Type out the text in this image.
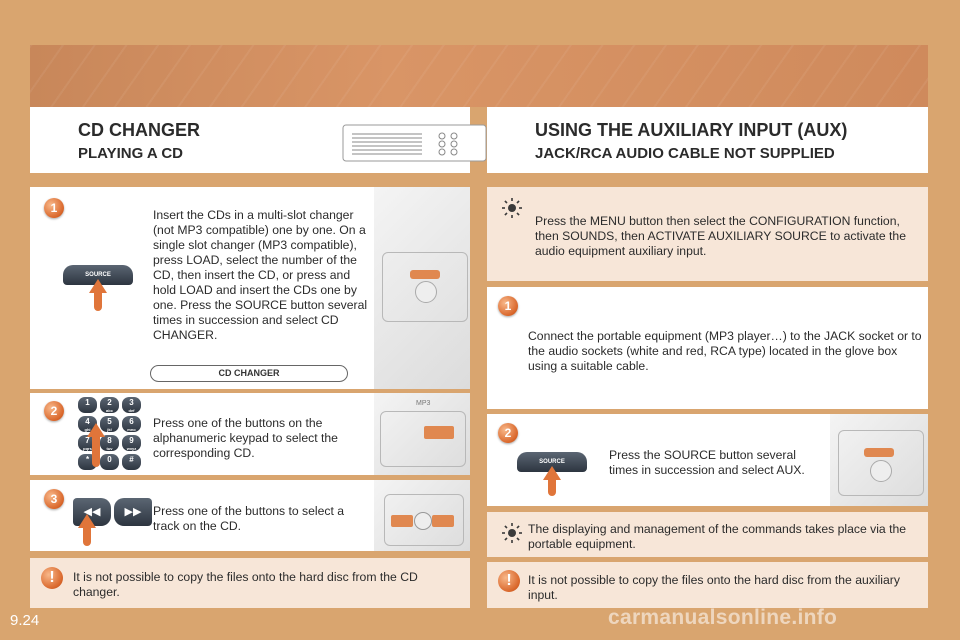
CD CHANGER
PLAYING A CD
USING THE AUXILIARY INPUT (AUX)
JACK/RCA AUDIO CABLE NOT SUPPLIED
1
SOURCE
Insert the CDs in a multi-slot changer (not MP3 compatible) one by one. On a single slot changer (MP3 compatible), press LOAD, select the number of the CD, then insert the CD, or press and hold LOAD and insert the CDs one by one. Press the SOURCE button several times in succession and select CD CHANGER.
CD CHANGER
2
1	2
abc
3
def
4
ghi
5
jkl
6
mno
7
pqrs
8
tuv
9
wxyz
*	0	#
Press one of the buttons on the alphanumeric keypad to select the corresponding CD.
MP3
3
◀◀	▶▶ Press one of the buttons to select a track on the CD.
!	It is not possible to copy the files onto the hard disc from the CD changer.
Press the MENU button then select the CONFIGURATION function, then SOUNDS, then ACTIVATE AUXILIARY SOURCE to activate the audio equipment auxiliary input.
1
Connect the portable equipment (MP3 player…) to the JACK socket or to the audio sockets (white and red, RCA type) located in the glove box using a suitable cable.
2
SOURCE	Press the SOURCE button several times in succession and select AUX.
The displaying and management of the commands takes place via the portable equipment.
!	It is not possible to copy the files onto the hard disc from the auxiliary input.
9.24	carmanualsonline.info
